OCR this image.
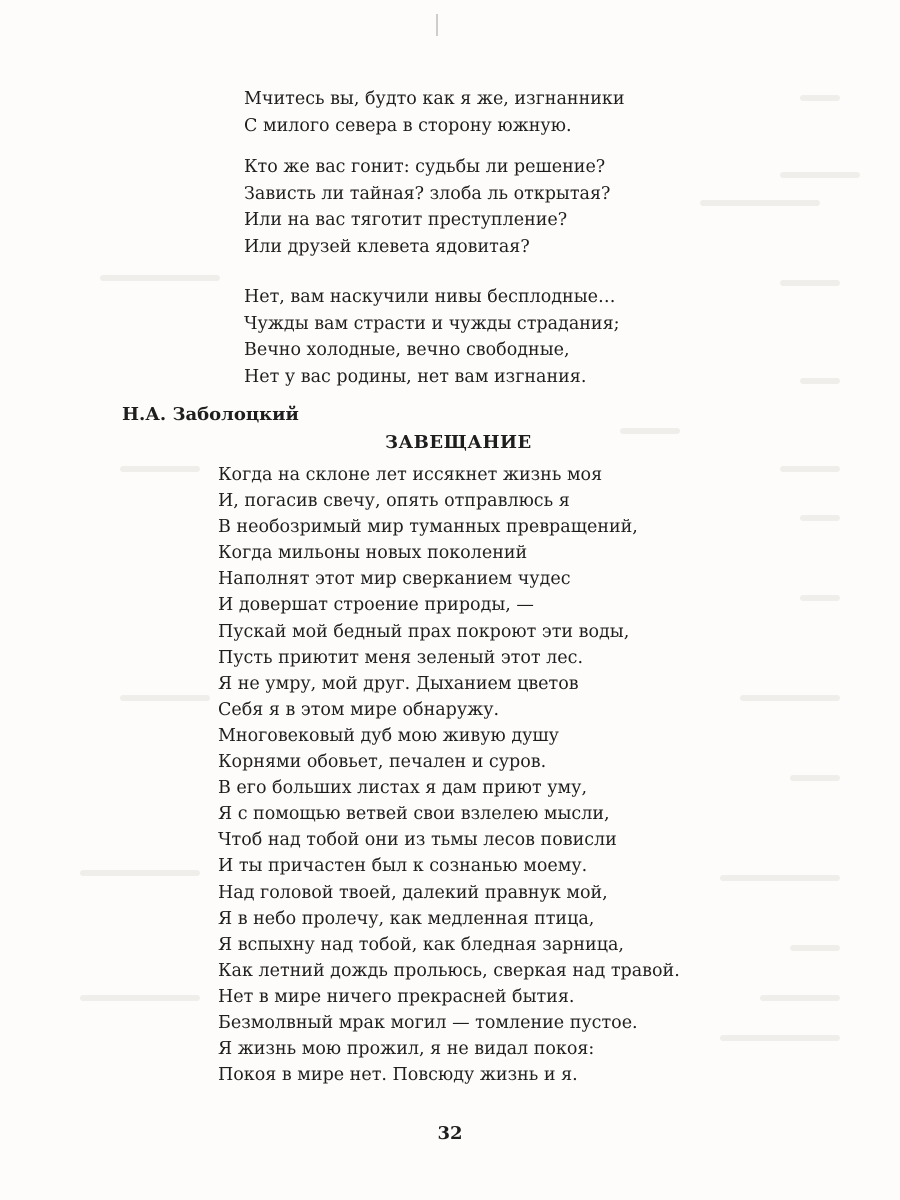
Мчитесь вы, будто как я же, изгнанники
С милого севера в сторону южную.
Кто же вас гонит: судьбы ли решение?
Зависть ли тайная? злоба ль открытая?
Или на вас тяготит преступление?
Или друзей клевета ядовитая?
Нет, вам наскучили нивы бесплодные…
Чужды вам страсти и чужды страдания;
Вечно холодные, вечно свободные,
Нет у вас родины, нет вам изгнания.
Н.А. Заболоцкий
ЗАВЕЩАНИЕ
Когда на склоне лет иссякнет жизнь моя
И, погасив свечу, опять отправлюсь я
В необозримый мир туманных превращений,
Когда мильоны новых поколений
Наполнят этот мир сверканием чудес
И довершат строение природы, —
Пускай мой бедный прах покроют эти воды,
Пусть приютит меня зеленый этот лес.
Я не умру, мой друг. Дыханием цветов
Себя я в этом мире обнаружу.
Многовековый дуб мою живую душу
Корнями обовьет, печален и суров.
В его больших листах я дам приют уму,
Я с помощью ветвей свои взлелею мысли,
Чтоб над тобой они из тьмы лесов повисли
И ты причастен был к сознанью моему.
Над головой твоей, далекий правнук мой,
Я в небо пролечу, как медленная птица,
Я вспыхну над тобой, как бледная зарница,
Как летний дождь прольюсь, сверкая над травой.
Нет в мире ничего прекрасней бытия.
Безмолвный мрак могил — томление пустое.
Я жизнь мою прожил, я не видал покоя:
Покоя в мире нет. Повсюду жизнь и я.
32
